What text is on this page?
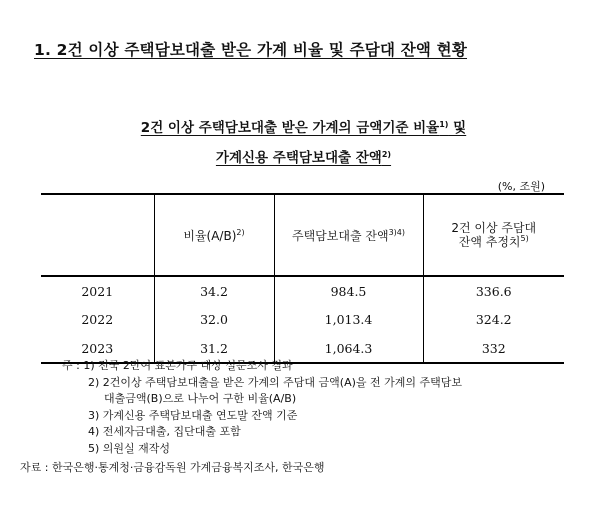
1. 2건 이상 주택담보대출 받은 가계 비율 및 주담대 잔액 현황
2건 이상 주택담보대출 받은 가계의 금액기준 비율$^{1)}$ 및
가계신용 주택담보대출 잔액$^{2)}$
(%, 조원)
	비율$(A/B)^{2)}$	주택담보대출 잔액$^{3)4)}$	2건 이상 주담대
잔액 추정치$^{5)}$
2021	34.2	984.5	336.6
2022	32.0	1,013.4	324.2
2023	31.2	1,064.3	332
주 : 1) 전국 2만여 표본가구 대상 설문조사 결과
2) 2건이상 주택담보대출을 받은 가계의 주담대 금액(A)을 전 가계의 주택담보
대출금액(B)으로 나누어 구한 비율(A/B)
3) 가계신용 주택담보대출 연도말 잔액 기준
4) 전세자금대출, 집단대출 포함
5) 의원실 재작성
자료 : 한국은행·통계청·금융감독원 가계금융복지조사, 한국은행
